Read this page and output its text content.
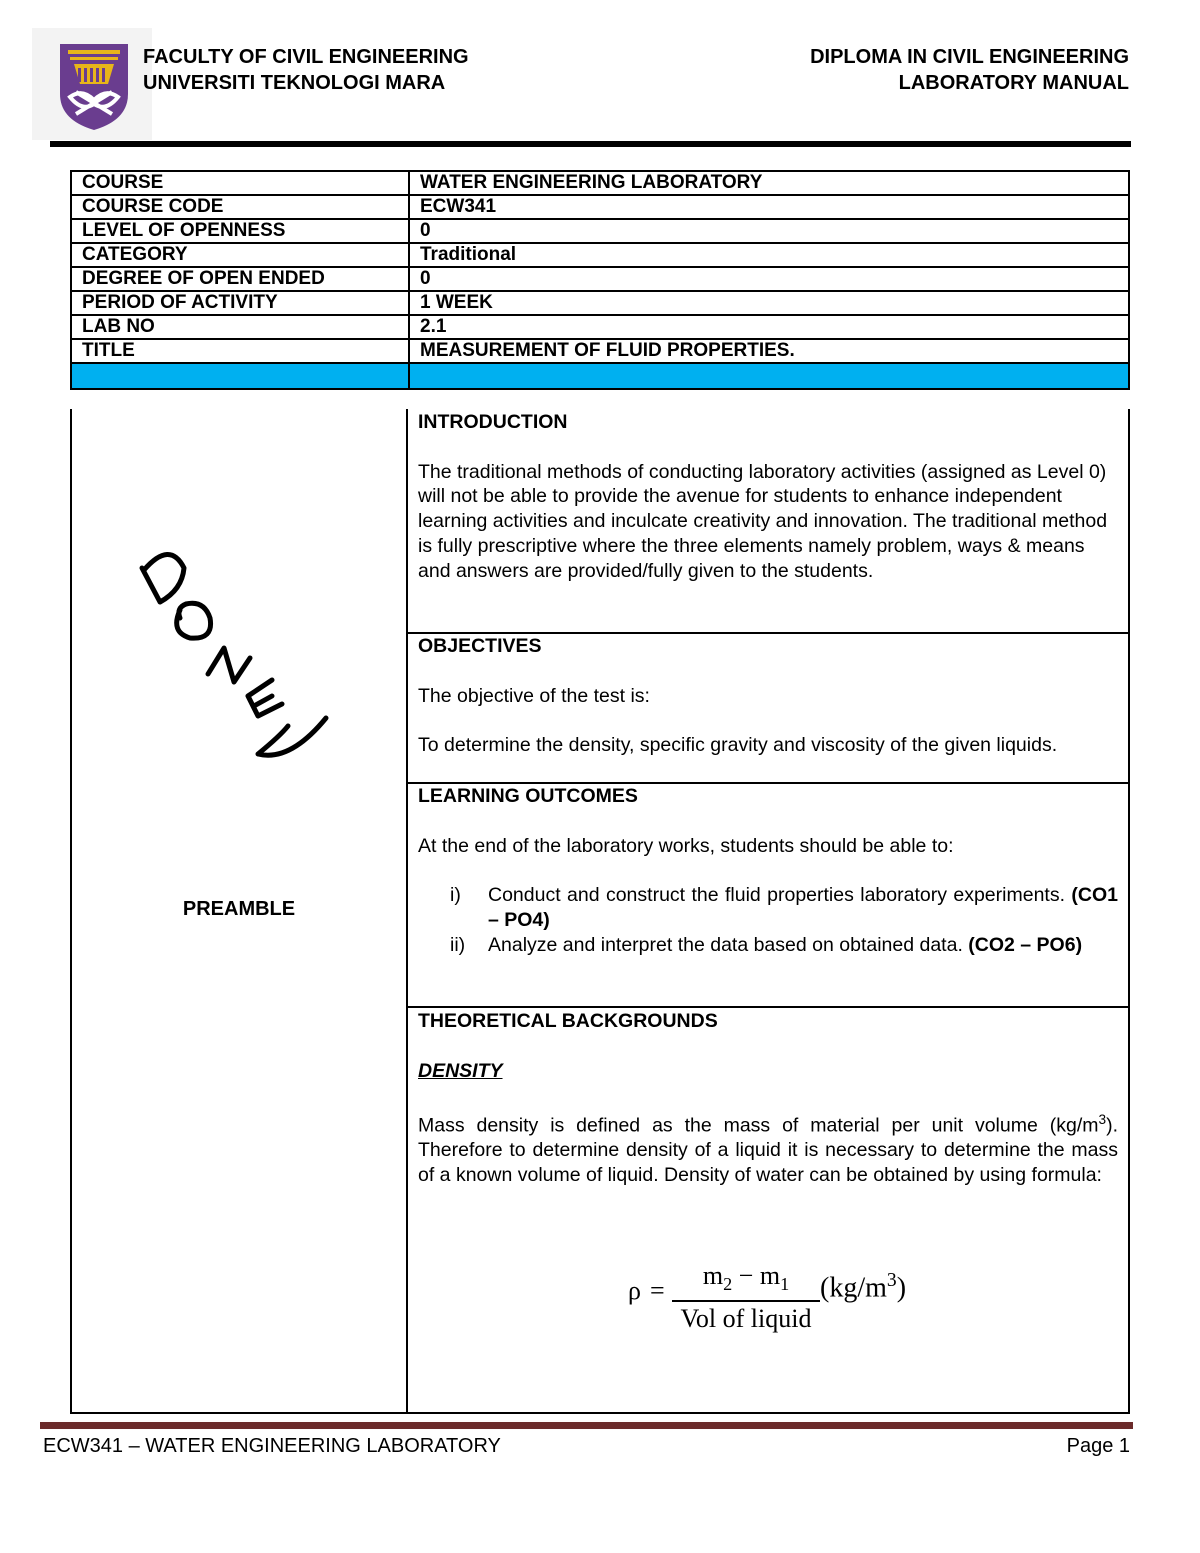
FACULTY OF CIVIL ENGINEERING
UNIVERSITI TEKNOLOGI MARA
DIPLOMA IN CIVIL ENGINEERING
LABORATORY MANUAL
COURSE	WATER ENGINEERING LABORATORY
COURSE CODE	ECW341
LEVEL OF OPENNESS	0
CATEGORY	Traditional
DEGREE OF OPEN ENDED	0
PERIOD OF ACTIVITY	1 WEEK
LAB NO	2.1
TITLE	MEASUREMENT OF FLUID PROPERTIES.

PREAMBLE

INTRODUCTION

The traditional methods of conducting laboratory activities (assigned as Level 0) will not be able to provide the avenue for students to enhance independent learning activities and inculcate creativity and innovation. The traditional method is fully prescriptive where the three elements namely problem, ways & means and answers are provided/fully given to the students.

OBJECTIVES

The objective of the test is:

To determine the density, specific gravity and viscosity of the given liquids.

LEARNING OUTCOMES

At the end of the laboratory works, students should be able to:

i) Conduct and construct the fluid properties laboratory experiments. (CO1 – PO4)
ii) Analyze and interpret the data based on obtained data. (CO2 – PO6)

THEORETICAL BACKGROUNDS

DENSITY

Mass density is defined as the mass of material per unit volume $(kg/m^3)$. Therefore to determine density of a liquid it is necessary to determine the mass of a known volume of liquid. Density of water can be obtained by using formula:

ρ =
$m_2 - m_1$
Vol of liquid
$(kg/m^3)$
ECW341 – WATER ENGINEERING LABORATORY	Page 1
